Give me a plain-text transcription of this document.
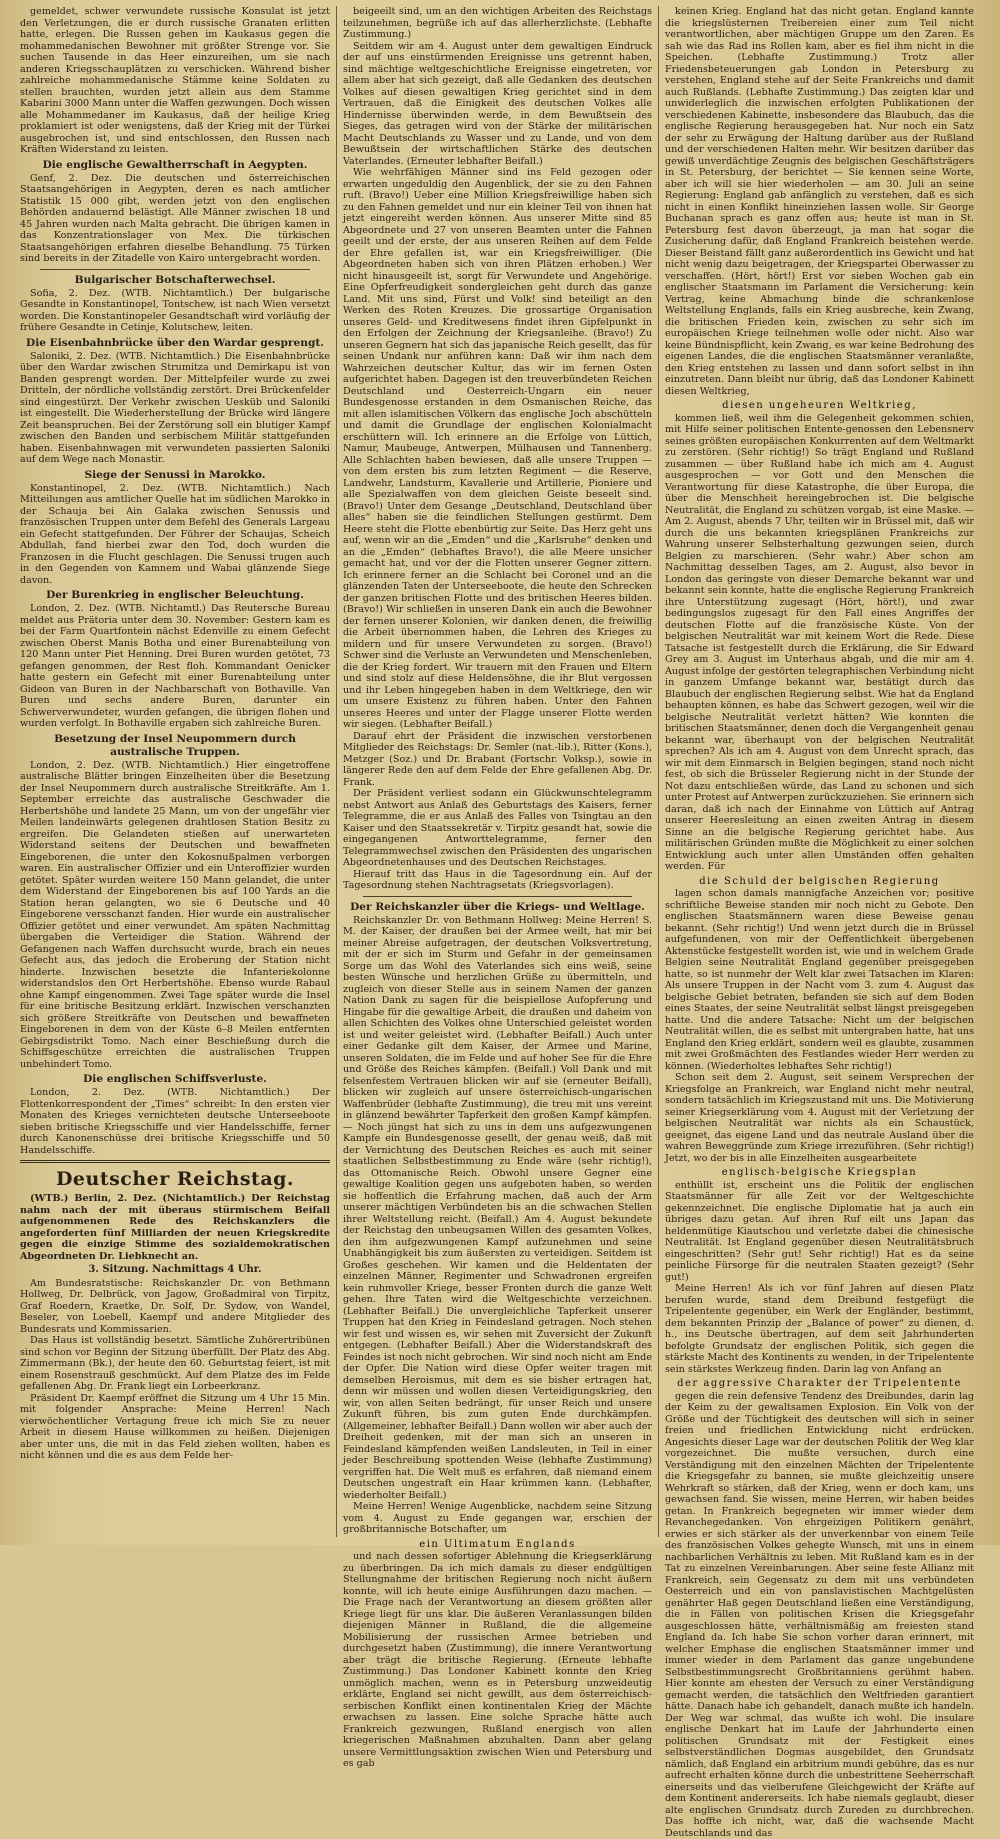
gemeldet, schwer verwundete russische Konsulat ist jetzt den Verletzungen, die er durch russische Granaten erlitten hatte, erlegen. Die Russen gehen im Kaukasus gegen die mohammedanischen Bewohner mit größter Strenge vor. Sie suchen Tausende in das Heer einzureihen, um sie nach anderen Kriegsschauplätzen zu verschicken. Während bisher zahlreiche mohammedanische Stämme keine Soldaten zu stellen brauchten, wurden jetzt allein aus dem Stamme Kabarini 3000 Mann unter die Waffen gezwungen. Doch wissen alle Mohammedaner im Kaukasus, daß der heilige Krieg proklamiert ist oder wenigstens, daß der Krieg mit der Türkei ausgebrochen ist, und sind entschlossen, den Russen nach Kräften Widerstand zu leisten.

Die englische Gewaltherrschaft in Aegypten.

Genf, 2. Dez. Die deutschen und österreichischen Staatsangehörigen in Aegypten, deren es nach amtlicher Statistik 15 000 gibt, werden jetzt von den englischen Behörden andauernd belästigt. Alle Männer zwischen 18 und 45 Jahren wurden nach Malta gebracht. Die übrigen kamen in das Konzentrationslager von Mex. Die türkischen Staatsangehörigen erfahren dieselbe Behandlung. 75 Türken sind bereits in der Zitadelle von Kairo untergebracht worden.

Bulgarischer Botschafterwechsel.

Sofia, 2. Dez. (WTB. Nichtamtlich.) Der bulgarische Gesandte in Konstantinopel, Tontschew, ist nach Wien versetzt worden. Die Konstantinopeler Gesandtschaft wird vorläufig der frühere Gesandte in Cetinje, Kolutschew, leiten.

Die Eisenbahnbrücke über den Wardar gesprengt.

Saloniki, 2. Dez. (WTB. Nichtamtlich.) Die Eisenbahnbrücke über den Wardar zwischen Strumitza und Demirkapu ist von Banden gesprengt worden. Der Mittelpfeiler wurde zu zwei Dritteln, der nördliche vollständig zerstört. Drei Brückenfelder sind eingestürzt. Der Verkehr zwischen Uesküb und Saloniki ist eingestellt. Die Wiederherstellung der Brücke wird längere Zeit beanspruchen. Bei der Zerstörung soll ein blutiger Kampf zwischen den Banden und serbischem Militär stattgefunden haben. Eisenbahnwagen mit verwundeten passierten Saloniki auf dem Wege nach Monastir.

Siege der Senussi in Marokko.

Konstantinopel, 2. Dez. (WTB. Nichtamtlich.) Nach Mitteilungen aus amtlicher Quelle hat im südlichen Marokko in der Schauja bei Ain Galaka zwischen Senussis und französischen Truppen unter dem Befehl des Generals Largeau ein Gefecht stattgefunden. Der Führer der Schaujas, Scheich Abdullah, fand hierbei zwar den Tod, doch wurden die Franzosen in die Flucht geschlagen. Die Senussi trugen auch in den Gegenden von Kamnem und Wabai glänzende Siege davon.

Der Burenkrieg in englischer Beleuchtung.

London, 2. Dez. (WTB. Nichtamtl.) Das Reutersche Bureau meldet aus Prätoria unter dem 30. November: Gestern kam es bei der Farm Quartfontein nächst Edenville zu einem Gefecht zwischen Oberst Manis Botha und einer Burenabteilung von 120 Mann unter Piet Henning. Drei Buren wurden getötet, 73 gefangen genommen, der Rest floh. Kommandant Oenicker hatte gestern ein Gefecht mit einer Burenabteilung unter Gideon van Buren in der Nachbarschaft von Bothaville. Van Buren und sechs andere Buren, darunter ein Schwerverwundeter, wurden gefangen, die übrigen flohen und wurden verfolgt. In Bothaville ergaben sich zahlreiche Buren.

Besetzung der Insel Neupommern durch australische Truppen.

London, 2. Dez. (WTB. Nichtamtlich.) Hier eingetroffene australische Blätter bringen Einzelheiten über die Besetzung der Insel Neupommern durch australische Streitkräfte. Am 1. September erreichte das australische Geschwader die Herbertshöhe und landete 25 Mann, um von der ungefähr vier Meilen landeinwärts gelegenen drahtlosen Station Besitz zu ergreifen. Die Gelandeten stießen auf unerwarteten Widerstand seitens der Deutschen und bewaffneten Eingeborenen, die unter den Kokosnußpalmen verborgen waren. Ein australischer Offizier und ein Unteroffizier wurden getötet. Später wurden weitere 150 Mann gelandet, die unter dem Widerstand der Eingeborenen bis auf 100 Yards an die Station heran gelangten, wo sie 6 Deutsche und 40 Eingeborene versschanzt fanden. Hier wurde ein australischer Offizier getötet und einer verwundet. Am späten Nachmittag übergaben die Verteidiger die Station. Während der Gefangenen nach Waffen durchsucht wurde, brach ein neues Gefecht aus, das jedoch die Eroberung der Station nicht hinderte. Inzwischen besetzte die Infanteriekolonne widerstandslos den Ort Herbertshöhe. Ebenso wurde Rabaul ohne Kampf eingenommen. Zwei Tage später wurde die Insel für eine britische Besitzung erklärt. Inzwischen verschanzten sich größere Streitkräfte von Deutschen und bewaffneten Eingeborenen in dem von der Küste 6–8 Meilen entfernten Gebirgsdistrikt Tomo. Nach einer Beschießung durch die Schiffsgeschütze erreichten die australischen Truppen unbehindert Tomo.

Die englischen Schiffsverluste.

London, 2. Dez. (WTB. Nichtamtlich.) Der Flottenkorrespondent der „Times“ schreibt: In den ersten vier Monaten des Krieges vernichteten deutsche Unterseeboote sieben britische Kriegsschiffe und vier Handelsschiffe, ferner durch Kanonenschüsse drei britische Kriegsschiffe und 50 Handelsschiffe.

Deutscher Reichstag.

(WTB.) Berlin, 2. Dez. (Nichtamtlich.) Der Reichstag nahm nach der mit überaus stürmischem Beifall aufgenommenen Rede des Reichskanzlers die angeforderten fünf Milliarden der neuen Kriegskredite gegen die einzige Stimme des sozialdemokratischen Abgeordneten Dr. Liebknecht an.

3. Sitzung. Nachmittags 4 Uhr.

Am Bundesratstische: Reichskanzler Dr. von Bethmann Hollweg, Dr. Delbrück, von Jagow, Großadmiral von Tirpitz, Graf Roedern, Kraetke, Dr. Solf, Dr. Sydow, von Wandel, Beseler, von Loebell, Kaempf und andere Mitglieder des Bundesrats und Kommissarien.

Das Haus ist vollständig besetzt. Sämtliche Zuhörertribünen sind schon vor Beginn der Sitzung überfüllt. Der Platz des Abg. Zimmermann (Bk.), der heute den 60. Geburtstag feiert, ist mit einem Rosenstrauß geschmückt. Auf dem Platze des im Felde gefallenen Abg. Dr. Frank liegt ein Lorbeerkranz.

Präsident Dr. Kaempf eröffnet die Sitzung um 4 Uhr 15 Min. mit folgender Ansprache: Meine Herren! Nach vierwöchentlicher Vertagung freue ich mich Sie zu neuer Arbeit in diesem Hause willkommen zu heißen. Diejenigen aber unter uns, die mit in das Feld ziehen wollten, haben es nicht können und die es aus dem Felde her-

beigeeilt sind, um an den wichtigen Arbeiten des Reichstags teilzunehmen, begrüße ich auf das allerherzlichste. (Lebhafte Zustimmung.)

Seitdem wir am 4. August unter dem gewaltigen Eindruck der auf uns einstürmenden Ereignisse uns getrennt haben, sind mächtige weltgeschichtliche Ereignisse eingetreten, vor allem aber hat sich gezeigt, daß alle Gedanken des deutschen Volkes auf diesen gewaltigen Krieg gerichtet sind in dem Vertrauen, daß die Einigkeit des deutschen Volkes alle Hindernisse überwinden werde, in dem Bewußtsein des Sieges, das getragen wird von der Stärke der militärischen Macht Deutschlands zu Wasser und zu Lande, und von dem Bewußtsein der wirtschaftlichen Stärke des deutschen Vaterlandes. (Erneuter lebhafter Beifall.)

Wie wehrfähigen Männer sind ins Feld gezogen oder erwarten ungeduldig den Augenblick, der sie zu den Fahnen ruft. (Bravo!) Ueber eine Million Kriegsfreiwillige haben sich zu den Fahnen gemeldet und nur ein kleiner Teil von ihnen hat jetzt eingereiht werden können. Aus unserer Mitte sind 85 Abgeordnete und 27 von unseren Beamten unter die Fahnen geeilt und der erste, der aus unseren Reihen auf dem Felde der Ehre gefallen ist, war ein Kriegsfreiwilliger. (Die Abgeordneten haben sich von ihren Plätzen erhoben.) Wer nicht hinausgeeilt ist, sorgt für Verwundete und Angehörige. Eine Opferfreudigkeit sondergleichen geht durch das ganze Land. Mit uns sind, Fürst und Volk! sind beteiligt an den Werken des Roten Kreuzes. Die grossartige Organisation unseres Geld- und Kreditwesens findet ihren Gipfelpunkt in den Erfolgen der Zeichnung der Kriegsanleihe. (Bravo!) Zu unseren Gegnern hat sich das japanische Reich gesellt, das für seinen Undank nur anführen kann: Daß wir ihm nach dem Wahrzeichen deutscher Kultur, das wir im fernen Osten aufgerichtet haben. Dagegen ist den treuverbündeten Reichen Deutschland und Oesterreich-Ungarn ein neuer Bundesgenosse erstanden in dem Osmanischen Reiche, das mit allen islamitischen Völkern das englische Joch abschütteln und damit die Grundlage der englischen Kolonialmacht erschüttern will. Ich erinnere an die Erfolge von Lüttich, Namur, Maubeuge, Antwerpen, Mülhausen und Tannenberg. Alle Schlachten haben bewiesen, daß alle unsere Truppen — von dem ersten bis zum letzten Regiment — die Reserve, Landwehr, Landsturm, Kavallerie und Artillerie, Pioniere und alle Spezialwaffen von dem gleichen Geiste beseelt sind. (Bravo!) Unter dem Gesange „Deutschland, Deutschland über alles“ haben sie die feindlichen Stellungen gestürmt. Dem Heere steht die Flotte ebenbürtig zur Seite. Das Herz geht uns auf, wenn wir an die „Emden“ und die „Karlsruhe“ denken und an die „Emden“ (lebhaftes Bravo!), die alle Meere unsicher gemacht hat, und vor der die Flotten unserer Gegner zittern. Ich erinnere ferner an die Schlacht bei Coronel und an die glänzenden Taten der Unterseeboote, die heute den Schrecken der ganzen britischen Flotte und des britischen Heeres bilden. (Bravo!) Wir schließen in unseren Dank ein auch die Bewohner der fernen unserer Kolonien, wir danken denen, die freiwillig die Arbeit übernommen haben, die Lehren des Krieges zu mildern und für unsere Verwundeten zu sorgen. (Bravo!) Schwer sind die Verluste an Verwundeten und Menschenleben, die der Krieg fordert. Wir trauern mit den Frauen und Eltern und sind stolz auf diese Heldensöhne, die ihr Blut vergossen und ihr Leben hingegeben haben in dem Weltkriege, den wir um unsere Existenz zu führen haben. Unter den Fahnen unseres Heeres und unter der Flagge unserer Flotte werden wir siegen. (Lebhafter Beifall.)

Darauf ehrt der Präsident die inzwischen verstorbenen Mitglieder des Reichstags: Dr. Semler (nat.-lib.), Ritter (Kons.), Metzger (Soz.) und Dr. Brabant (Fortschr. Volksp.), sowie in längerer Rede den auf dem Felde der Ehre gefallenen Abg. Dr. Frank.

Der Präsident verliest sodann ein Glückwunschtelegramm nebst Antwort aus Anlaß des Geburtstags des Kaisers, ferner Telegramme, die er aus Anlaß des Falles von Tsingtau an den Kaiser und den Staatssekretär v. Tirpitz gesandt hat, sowie die eingegangenen Antworttelegramme, ferner den Telegrammwechsel zwischen den Präsidenten des ungarischen Abgeordnetenhauses und des Deutschen Reichstages.

Hierauf tritt das Haus in die Tagesordnung ein. Auf der Tagesordnung stehen Nachtragsetats (Kriegsvorlagen).

Der Reichskanzler über die Kriegs- und Weltlage.

Reichskanzler Dr. von Bethmann Hollweg: Meine Herren! S. M. der Kaiser, der draußen bei der Armee weilt, hat mir bei meiner Abreise aufgetragen, der deutschen Volksvertretung, mit der er sich im Sturm und Gefahr in der gemeinsamen Sorge um das Wohl des Vaterlandes sich eins weiß, seine besten Wünsche und herzlichen Grüße zu übermitteln, und zugleich von dieser Stelle aus in seinem Namen der ganzen Nation Dank zu sagen für die beispiellose Aufopferung und Hingabe für die gewaltige Arbeit, die draußen und daheim von allen Schichten des Volkes ohne Unterschied geleistet worden ist und weiter geleistet wird. (Lebhafter Beifall.) Auch unter einer Gedanke gilt dem Kaiser, der Armee und Marine, unseren Soldaten, die im Felde und auf hoher See für die Ehre und Größe des Reiches kämpfen. (Beifall.) Voll Dank und mit felsenfestem Vertrauen blicken wir auf sie (erneuter Beifall), blicken wir zugleich auf unsere österreichisch-ungarischen Waffenbrüder (lebhafte Zustimmung), die treu mit uns vereint in glänzend bewährter Tapferkeit den großen Kampf kämpfen. — Noch jüngst hat sich zu uns in dem uns aufgezwungenen Kampfe ein Bundesgenosse gesellt, der genau weiß, daß mit der Vernichtung des Deutschen Reiches es auch mit seiner staatlichen Selbstbestimmung zu Ende wäre (sehr richtig!), das Ottomanische Reich. Obwohl unsere Gegner eine gewaltige Koalition gegen uns aufgeboten haben, so werden sie hoffentlich die Erfahrung machen, daß auch der Arm unserer mächtigen Verbündeten bis an die schwachen Stellen ihrer Weltstellung reicht. (Beifall.) Am 4. August bekundete der Reichstag den unbeugsamen Willen des gesamten Volkes, den ihm aufgezwungenen Kampf aufzunehmen und seine Unabhängigkeit bis zum äußersten zu verteidigen. Seitdem ist Großes geschehen. Wir kamen und die Heldentaten der einzelnen Männer, Regimenter und Schwadronen ergreifen kein ruhmvoller Kriege, besser Fronten durch die ganze Welt gehen. Ihre Taten wird die Weltgeschichte verzeichnen. (Lebhafter Beifall.) Die unvergleichliche Tapferkeit unserer Truppen hat den Krieg in Feindesland getragen. Noch stehen wir fest und wissen es, wir sehen mit Zuversicht der Zukunft entgegen. (Lebhafter Beifall.) Aber die Widerstandskraft des Feindes ist noch nicht gebrochen. Wir sind noch nicht am Ende der Opfer. Die Nation wird diese Opfer weiter tragen mit demselben Heroismus, mit dem es sie bisher ertragen hat, denn wir müssen und wollen diesen Verteidigungskrieg, den wir, von allen Seiten bedrängt, für unser Reich und unsere Zukunft führen, bis zum guten Ende durchkämpfen. (Allgemeiner, lebhafter Beifall.) Dann wollen wir aber auch der Dreiheit gedenken, mit der man sich an unseren in Feindesland kämpfenden weißen Landsleuten, in Teil in einer jeder Beschreibung spottenden Weise (lebhafte Zustimmung) vergriffen hat. Die Welt muß es erfahren, daß niemand einem Deutschen ungestraft ein Haar krümmen kann. (Lebhafter, wiederholter Beifall.)

Meine Herren! Wenige Augenblicke, nachdem seine Sitzung vom 4. August zu Ende gegangen war, erschien der großbritannische Botschafter, um

ein Ultimatum Englands

und nach dessen sofortiger Ablehnung die Kriegserklärung zu überbringen. Da ich mich damals zu dieser endgültigen Stellungnahme der britischen Regierung noch nicht äußern konnte, will ich heute einige Ausführungen dazu machen. — Die Frage nach der Verantwortung an diesem größten aller Kriege liegt für uns klar. Die äußeren Veranlassungen bilden diejenigen Männer in Rußland, die die allgemeine Mobilisierung der russischen Armee betrieben und durchgesetzt haben (Zustimmung), die innere Verantwortung aber trägt die britische Regierung. (Erneute lebhafte Zustimmung.) Das Londoner Kabinett konnte den Krieg unmöglich machen, wenn es in Petersburg unzweideutig erklärte, England sei nicht gewillt, aus dem österreichisch-serbischen Konflikt einen kontinentalen Krieg der Mächte erwachsen zu lassen. Eine solche Sprache hätte auch Frankreich gezwungen, Rußland energisch von allen kriegerischen Maßnahmen abzuhalten. Dann aber gelang unsere Vermittlungsaktion zwischen Wien und Petersburg und es gab

keinen Krieg. England hat das nicht getan. England kannte die kriegslüsternen Treibereien einer zum Teil nicht verantwortlichen, aber mächtigen Gruppe um den Zaren. Es sah wie das Rad ins Rollen kam, aber es fiel ihm nicht in die Speichen. (Lebhafte Zustimmung.) Trotz aller Friedensbeteuerungen gab London in Petersburg zu verstehen, England stehe auf der Seite Frankreichs und damit auch Rußlands. (Lebhafte Zustimmung.) Das zeigten klar und unwiderleglich die inzwischen erfolgten Publikationen der verschiedenen Kabinette, insbesondere das Blaubuch, das die englische Regierung herausgegeben hat. Nur noch ein Satz der sehr zu Erwägung der Haltung darüber aus der Rußland und der verschiedenen Halten mehr. Wir besitzen darüber das gewiß unverdächtige Zeugnis des belgischen Geschäftsträgers in St. Petersburg, der berichtet — Sie kennen seine Worte, aber ich will sie hier wiederholen — am 30. Juli an seine Regierung: England gab anfänglich zu verstehen, daß es sich nicht in einen Konflikt hineinziehen lassen wolle. Sir George Buchanan sprach es ganz offen aus; heute ist man in St. Petersburg fest davon überzeugt, ja man hat sogar die Zusicherung dafür, daß England Frankreich beistehen werde. Dieser Beistand fällt ganz außerordentlich ins Gewicht und hat nicht wenig dazu beigetragen, der Kriegspartei Oberwasser zu verschaffen. (Hört, hört!) Erst vor sieben Wochen gab ein englischer Staatsmann im Parlament die Versicherung: kein Vertrag, keine Abmachung binde die schrankenlose Weltstellung Englands, falls ein Krieg ausbreche, kein Zwang, die britischen Frieden kein, zwischen zu sehr sich im europäischen Kriege teilnehmen wolle oder nicht. Also war keine Bündnispflicht, kein Zwang, es war keine Bedrohung des eigenen Landes, die die englischen Staatsmänner veranlaßte, den Krieg entstehen zu lassen und dann sofort selbst in ihn einzutreten. Dann bleibt nur übrig, daß das Londoner Kabinett diesen Weltkrieg,

diesen ungeheuren Weltkrieg,

kommen ließ, weil ihm die Gelegenheit gekommen schien, mit Hilfe seiner politischen Entente-genossen den Lebensnerv seines größten europäischen Konkurrenten auf dem Weltmarkt zu zerstören. (Sehr richtig!) So trägt England und Rußland zusammen — über Rußland habe ich mich am 4. August ausgesprochen — vor Gott und den Menschen die Verantwortung für diese Katastrophe, die über Europa, die über die Menschheit hereingebrochen ist. Die belgische Neutralität, die England zu schützen vorgab, ist eine Maske. — Am 2. August, abends 7 Uhr, teilten wir in Brüssel mit, daß wir durch die uns bekannten kriegsplänen Frankreichs zur Wahrung unserer Selbsterhaltung gezwungen seien, durch Belgien zu marschieren. (Sehr wahr.) Aber schon am Nachmittag desselben Tages, am 2. August, also bevor in London das geringste von dieser Demarche bekannt war und bekannt sein konnte, hatte die englische Regierung Frankreich ihre Unterstützung zugesagt (Hört, hört!), und zwar bedingungslos zugesagt für den Fall eines Angriffes der deutschen Flotte auf die französische Küste. Von der belgischen Neutralität war mit keinem Wort die Rede. Diese Tatsache ist festgestellt durch die Erklärung, die Sir Edward Grey am 3. August im Unterhaus abgab, und die mir am 4. August infolge der gestörten telegraphischen Verbindung nicht in ganzem Umfange bekannt war, bestätigt durch das Blaubuch der englischen Regierung selbst. Wie hat da England behaupten können, es habe das Schwert gezogen, weil wir die belgische Neutralität verletzt hätten? Wie konnten die britischen Staatsmänner, denen doch die Vergangenheit genau bekannt war, überhaupt von der belgischen Neutralität sprechen? Als ich am 4. August von dem Unrecht sprach, das wir mit dem Einmarsch in Belgien begingen, stand noch nicht fest, ob sich die Brüsseler Regierung nicht in der Stunde der Not dazu entschließen würde, das Land zu schonen und sich unter Protest auf Antwerpen zurückzuziehen. Sie erinnern sich daran, daß ich nach der Einnahme von Lüttich auf Antrag unserer Heeresleitung an einen zweiten Antrag in diesem Sinne an die belgische Regierung gerichtet habe. Aus militärischen Gründen mußte die Möglichkeit zu einer solchen Entwicklung auch unter allen Umständen offen gehalten werden. Für

die Schuld der belgischen Regierung

lagen schon damals mannigfache Anzeichen vor; positive schriftliche Beweise standen mir noch nicht zu Gebote. Den englischen Staatsmännern waren diese Beweise genau bekannt. (Sehr richtig!) Und wenn jetzt durch die in Brüssel aufgefundenen, von mir der Oeffentlichkeit übergebenen Aktenstücke festgestellt worden ist, wie und in welchem Grade Belgien seine Neutralität England gegenüber preisgegeben hatte, so ist nunmehr der Welt klar zwei Tatsachen im Klaren: Als unsere Truppen in der Nacht vom 3. zum 4. August das belgische Gebiet betraten, befanden sie sich auf dem Boden eines Staates, der seine Neutralität selbst längst preisgegeben hatte. Und die andere Tatsache: Nicht um der belgischen Neutralität willen, die es selbst mit untergraben hatte, hat uns England den Krieg erklärt, sondern weil es glaubte, zusammen mit zwei Großmächten des Festlandes wieder Herr werden zu können. (Wiederholtes lebhaftes Sehr richtig!)

Schon seit dem 2. August, seit seinem Versprechen der Kriegsfolge an Frankreich, war England nicht mehr neutral, sondern tatsächlich im Kriegszustand mit uns. Die Motivierung seiner Kriegserklärung vom 4. August mit der Verletzung der belgischen Neutralität war nichts als ein Schaustück, geeignet, das eigene Land und das neutrale Ausland über die wahren Beweggründe zum Kriege irrezuführen. (Sehr richtig!) Jetzt, wo der bis in alle Einzelheiten ausgearbeitete

englisch-belgische Kriegsplan

enthüllt ist, erscheint uns die Politik der englischen Staatsmänner für alle Zeit vor der Weltgeschichte gekennzeichnet. Die englische Diplomatie hat ja auch ein übriges dazu getan. Auf ihren Ruf eilt uns Japan das heldenmütige Kiautschou und verletzte dabei die chinesische Neutralität. Ist England gegenüber diesen Neutralitätsbruch eingeschritten? (Sehr gut! Sehr richtig!) Hat es da seine peinliche Fürsorge für die neutralen Staaten gezeigt? (Sehr gut!)

Meine Herren! Als ich vor fünf Jahren auf diesen Platz berufen wurde, stand dem Dreibund festgefügt die Tripelentente gegenüber, ein Werk der Engländer, bestimmt, dem bekannten Prinzip der „Balance of power“ zu dienen, d. h., ins Deutsche übertragen, auf dem seit Jahrhunderten befolgte Grundsatz der englischen Politik, sich gegen die stärkste Macht des Kontinents zu wenden, in der Tripelentente sein stärkstes Werkzeug finden. Darin lag von Anfang an

der aggressive Charakter der Tripelentente

gegen die rein defensive Tendenz des Dreibundes, darin lag der Keim zu der gewaltsamen Explosion. Ein Volk von der Größe und der Tüchtigkeit des deutschen will sich in seiner freien und friedlichen Entwicklung nicht erdrücken. Angesichts dieser Lage war der deutschen Politik der Weg klar vorgezeichnet. Die mußte versuchen, durch eine Verständigung mit den einzelnen Mächten der Tripelentente die Kriegsgefahr zu bannen, sie mußte gleichzeitig unsere Wehrkraft so stärken, daß der Krieg, wenn er doch kam, uns gewachsen fand. Sie wissen, meine Herren, wir haben beides getan. In Frankreich begegneten wir immer wieder dem Revanchegedanken. Von ehrgeizigen Politikern genährt, erwies er sich stärker als der unverkennbar von einem Teile des französischen Volkes gehegte Wunsch, mit uns in einem nachbarlichen Verhältnis zu leben. Mit Rußland kam es in der Tat zu einzelnen Vereinbarungen. Aber seine feste Allianz mit Frankreich, sein Gegensatz zu dem mit uns verbündeten Oesterreich und ein von panslavistischen Machtgelüsten genährter Haß gegen Deutschland ließen eine Verständigung, die in Fällen von politischen Krisen die Kriegsgefahr ausgeschlossen hätte, verhältnismäßig am freiesten stand England da. Ich habe Sie schon vorher daran erinnert, mit welcher Emphase die englischen Staatsmänner immer und immer wieder in dem Parlament das ganze ungebundene Selbstbestimmungsrecht Großbritanniens gerühmt haben. Hier konnte am ehesten der Versuch zu einer Verständigung gemacht werden, die tatsächlich den Weltfrieden garantiert hätte. Danach habe ich gehandelt, danach mußte ich handeln. Der Weg war schmal, das wußte ich wohl. Die insulare englische Denkart hat im Laufe der Jahrhunderte einen politischen Grundsatz mit der Festigkeit eines selbstverständlichen Dogmas ausgebildet, den Grundsatz nämlich, daß England ein arbitrium mundi gebühre, das es nur aufrecht erhalten könne durch die unbestrittene Seeherrschaft einerseits und das vielberufene Gleichgewicht der Kräfte auf dem Kontinent andererseits. Ich habe niemals geglaubt, dieser alte englischen Grundsatz durch Zureden zu durchbrechen. Das hoffte ich nicht, war, daß die wachsende Macht Deutschlands und das
